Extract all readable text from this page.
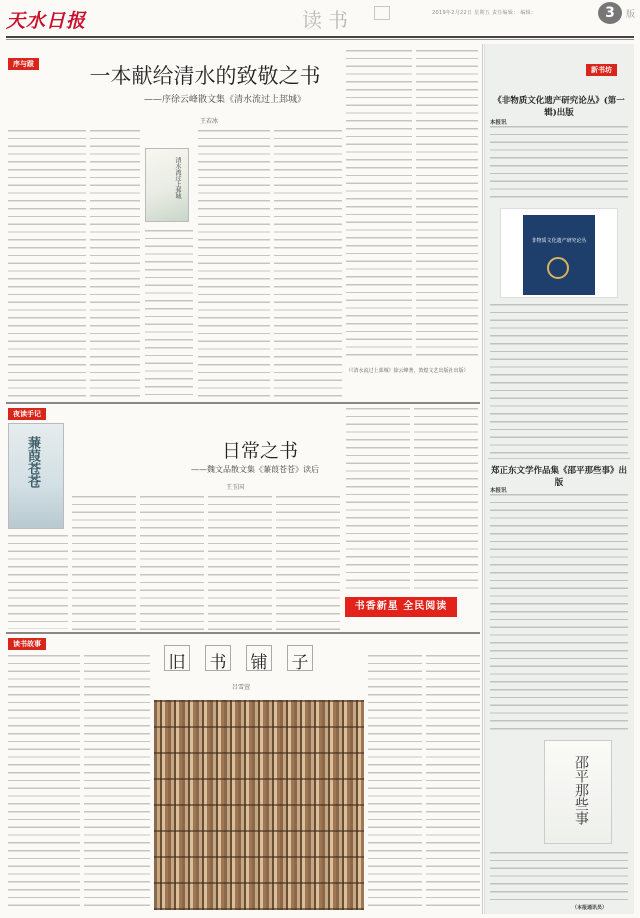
天水日报	读书	2019年2月22日 星期五 责任编辑： 编辑：	3	版
序与跋	一本献给清水的致敬之书
——序徐云峰散文集《清水流过上邽城》
王若冰
清水流过上邽城
（《清水流过上邽城》徐云峰著，敦煌文艺出版社出版）
夜读手记
日常之书
——魏文品散文集《蒹葭苍苍》读后
王玉国
蒹葭苍苍
书香新星 全民阅读
读书故事
旧 书 铺 子
吕雪萱
新书坊
《非物质文化遗产研究论丛》(第一辑)出版
本报讯
非物质文化遗产研究论丛
郑正东文学作品集《邵平那些事》出版
本报讯
邵平那些事
（本报通讯员）
